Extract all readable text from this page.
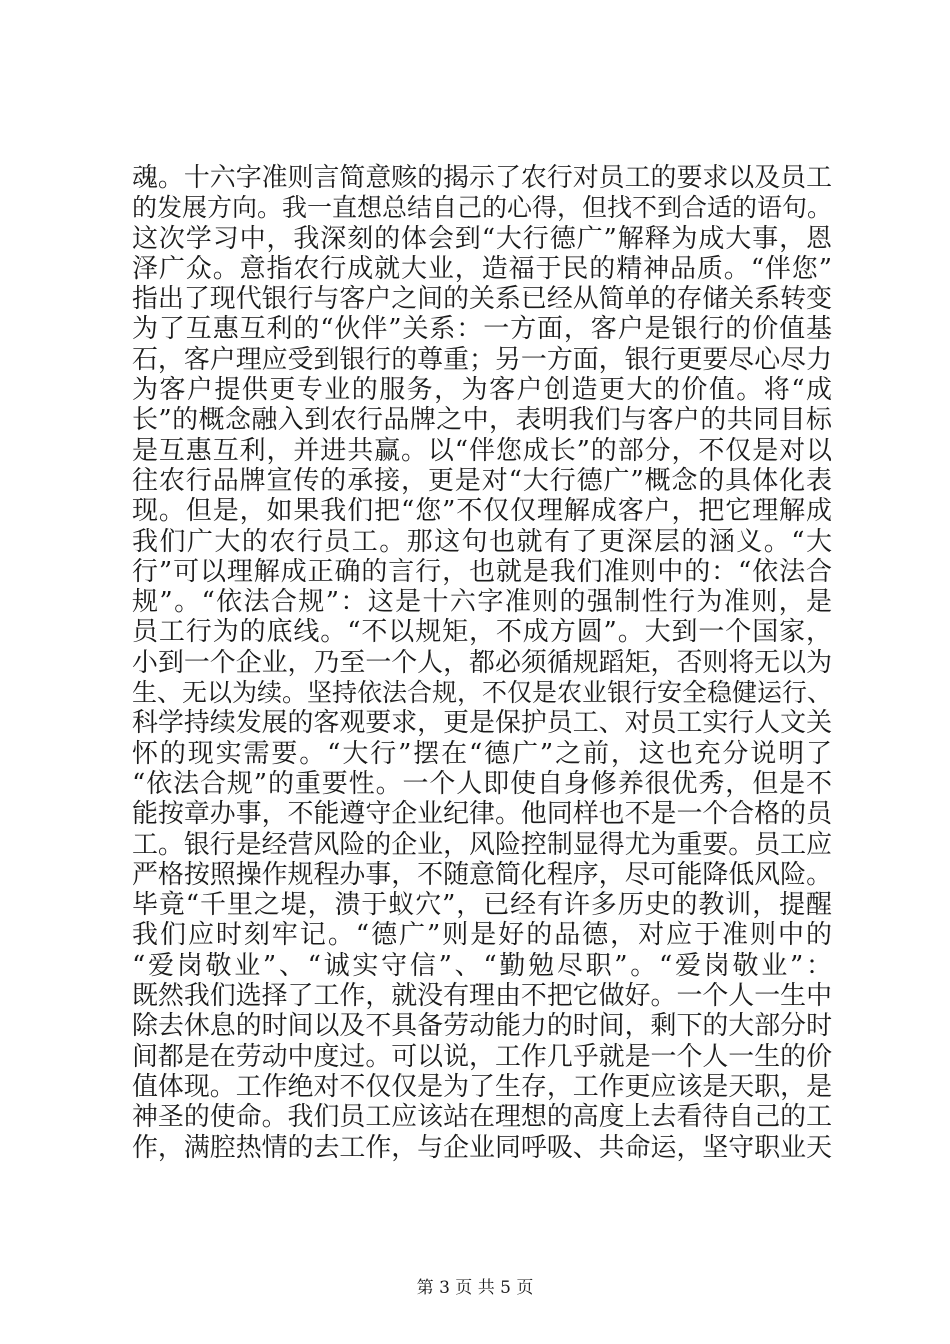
魂。十六字准则言简意赅的揭示了农行对员工的要求以及员工
的发展方向。我一直想总结自己的心得，但找不到合适的语句。
这次学习中，我深刻的体会到“大行德广”解释为成大事，恩
泽广众。意指农行成就大业，造福于民的精神品质。“伴您”
指出了现代银行与客户之间的关系已经从简单的存储关系转变
为了互惠互利的“伙伴”关系：一方面，客户是银行的价值基
石，客户理应受到银行的尊重；另一方面，银行更要尽心尽力
为客户提供更专业的服务，为客户创造更大的价值。将“成
长”的概念融入到农行品牌之中，表明我们与客户的共同目标
是互惠互利，并进共赢。以“伴您成长”的部分，不仅是对以
往农行品牌宣传的承接，更是对“大行德广”概念的具体化表
现。但是，如果我们把“您”不仅仅理解成客户，把它理解成
我们广大的农行员工。那这句也就有了更深层的涵义。“大
行”可以理解成正确的言行，也就是我们准则中的：“依法合
规”。“依法合规”：这是十六字准则的强制性行为准则，是
员工行为的底线。“不以规矩，不成方圆”。大到一个国家，
小到一个企业，乃至一个人，都必须循规蹈矩，否则将无以为
生、无以为续。坚持依法合规，不仅是农业银行安全稳健运行、
科学持续发展的客观要求，更是保护员工、对员工实行人文关
怀的现实需要。“大行”摆在“德广”之前，这也充分说明了
“依法合规”的重要性。一个人即使自身修养很优秀，但是不
能按章办事，不能遵守企业纪律。他同样也不是一个合格的员
工。银行是经营风险的企业，风险控制显得尤为重要。员工应
严格按照操作规程办事，不随意简化程序，尽可能降低风险。
毕竟“千里之堤，溃于蚁穴”，已经有许多历史的教训，提醒
我们应时刻牢记。“德广”则是好的品德，对应于准则中的
“爱岗敬业”、“诚实守信”、“勤勉尽职”。“爱岗敬业”：
既然我们选择了工作，就没有理由不把它做好。一个人一生中
除去休息的时间以及不具备劳动能力的时间，剩下的大部分时
间都是在劳动中度过。可以说，工作几乎就是一个人一生的价
值体现。工作绝对不仅仅是为了生存，工作更应该是天职，是
神圣的使命。我们员工应该站在理想的高度上去看待自己的工
作，满腔热情的去工作，与企业同呼吸、共命运，坚守职业天
第 3 页 共 5 页
